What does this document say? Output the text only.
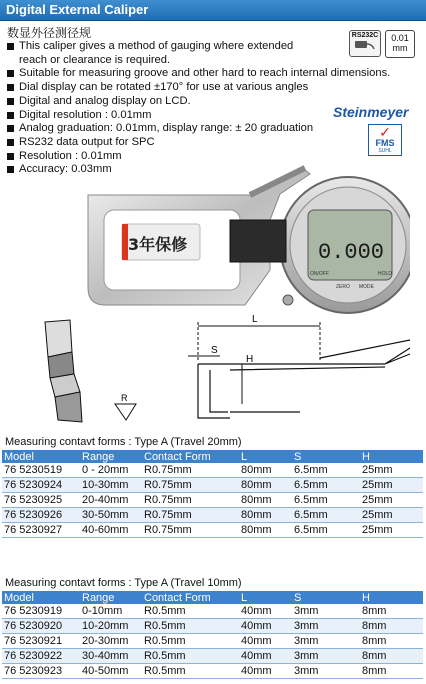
Digital External Caliper
数显外径测径规
This caliper gives a method of gauging where extended reach or clearance is required.
Suitable for measuring groove and other hard to reach internal dimensions.
Dial display can be rotated ±170° for use at various angles
Digital and analog display on LCD.
Digital resolution : 0.01mm
Analog graduation: 0.01mm, display range: ± 20 graduation
RS232 data output for SPC
Resolution : 0.01mm
Accuracy: 0.03mm
RS232C	0.01
mm
Steinmeyer
✓
FMS
SUHL
0.000
ON/OFF
ZERO MODE
HOLD
3年保修
R
L
S
H
Measuring contavt forms : Type A (Travel 20mm)
Model	Range	Contact Form	L	S	H
76 5230519	0 - 20mm	R0.75mm	80mm	6.5mm	25mm
76 5230924	10-30mm	R0.75mm	80mm	6.5mm	25mm
76 5230925	20-40mm	R0.75mm	80mm	6.5mm	25mm
76 5230926	30-50mm	R0.75mm	80mm	6.5mm	25mm
76 5230927	40-60mm	R0.75mm	80mm	6.5mm	25mm
Measuring contavt forms : Type A (Travel 10mm)
Model	Range	Contact Form	L	S	H
76 5230919	0-10mm	R0.5mm	40mm	3mm	8mm
76 5230920	10-20mm	R0.5mm	40mm	3mm	8mm
76 5230921	20-30mm	R0.5mm	40mm	3mm	8mm
76 5230922	30-40mm	R0.5mm	40mm	3mm	8mm
76 5230923	40-50mm	R0.5mm	40mm	3mm	8mm
